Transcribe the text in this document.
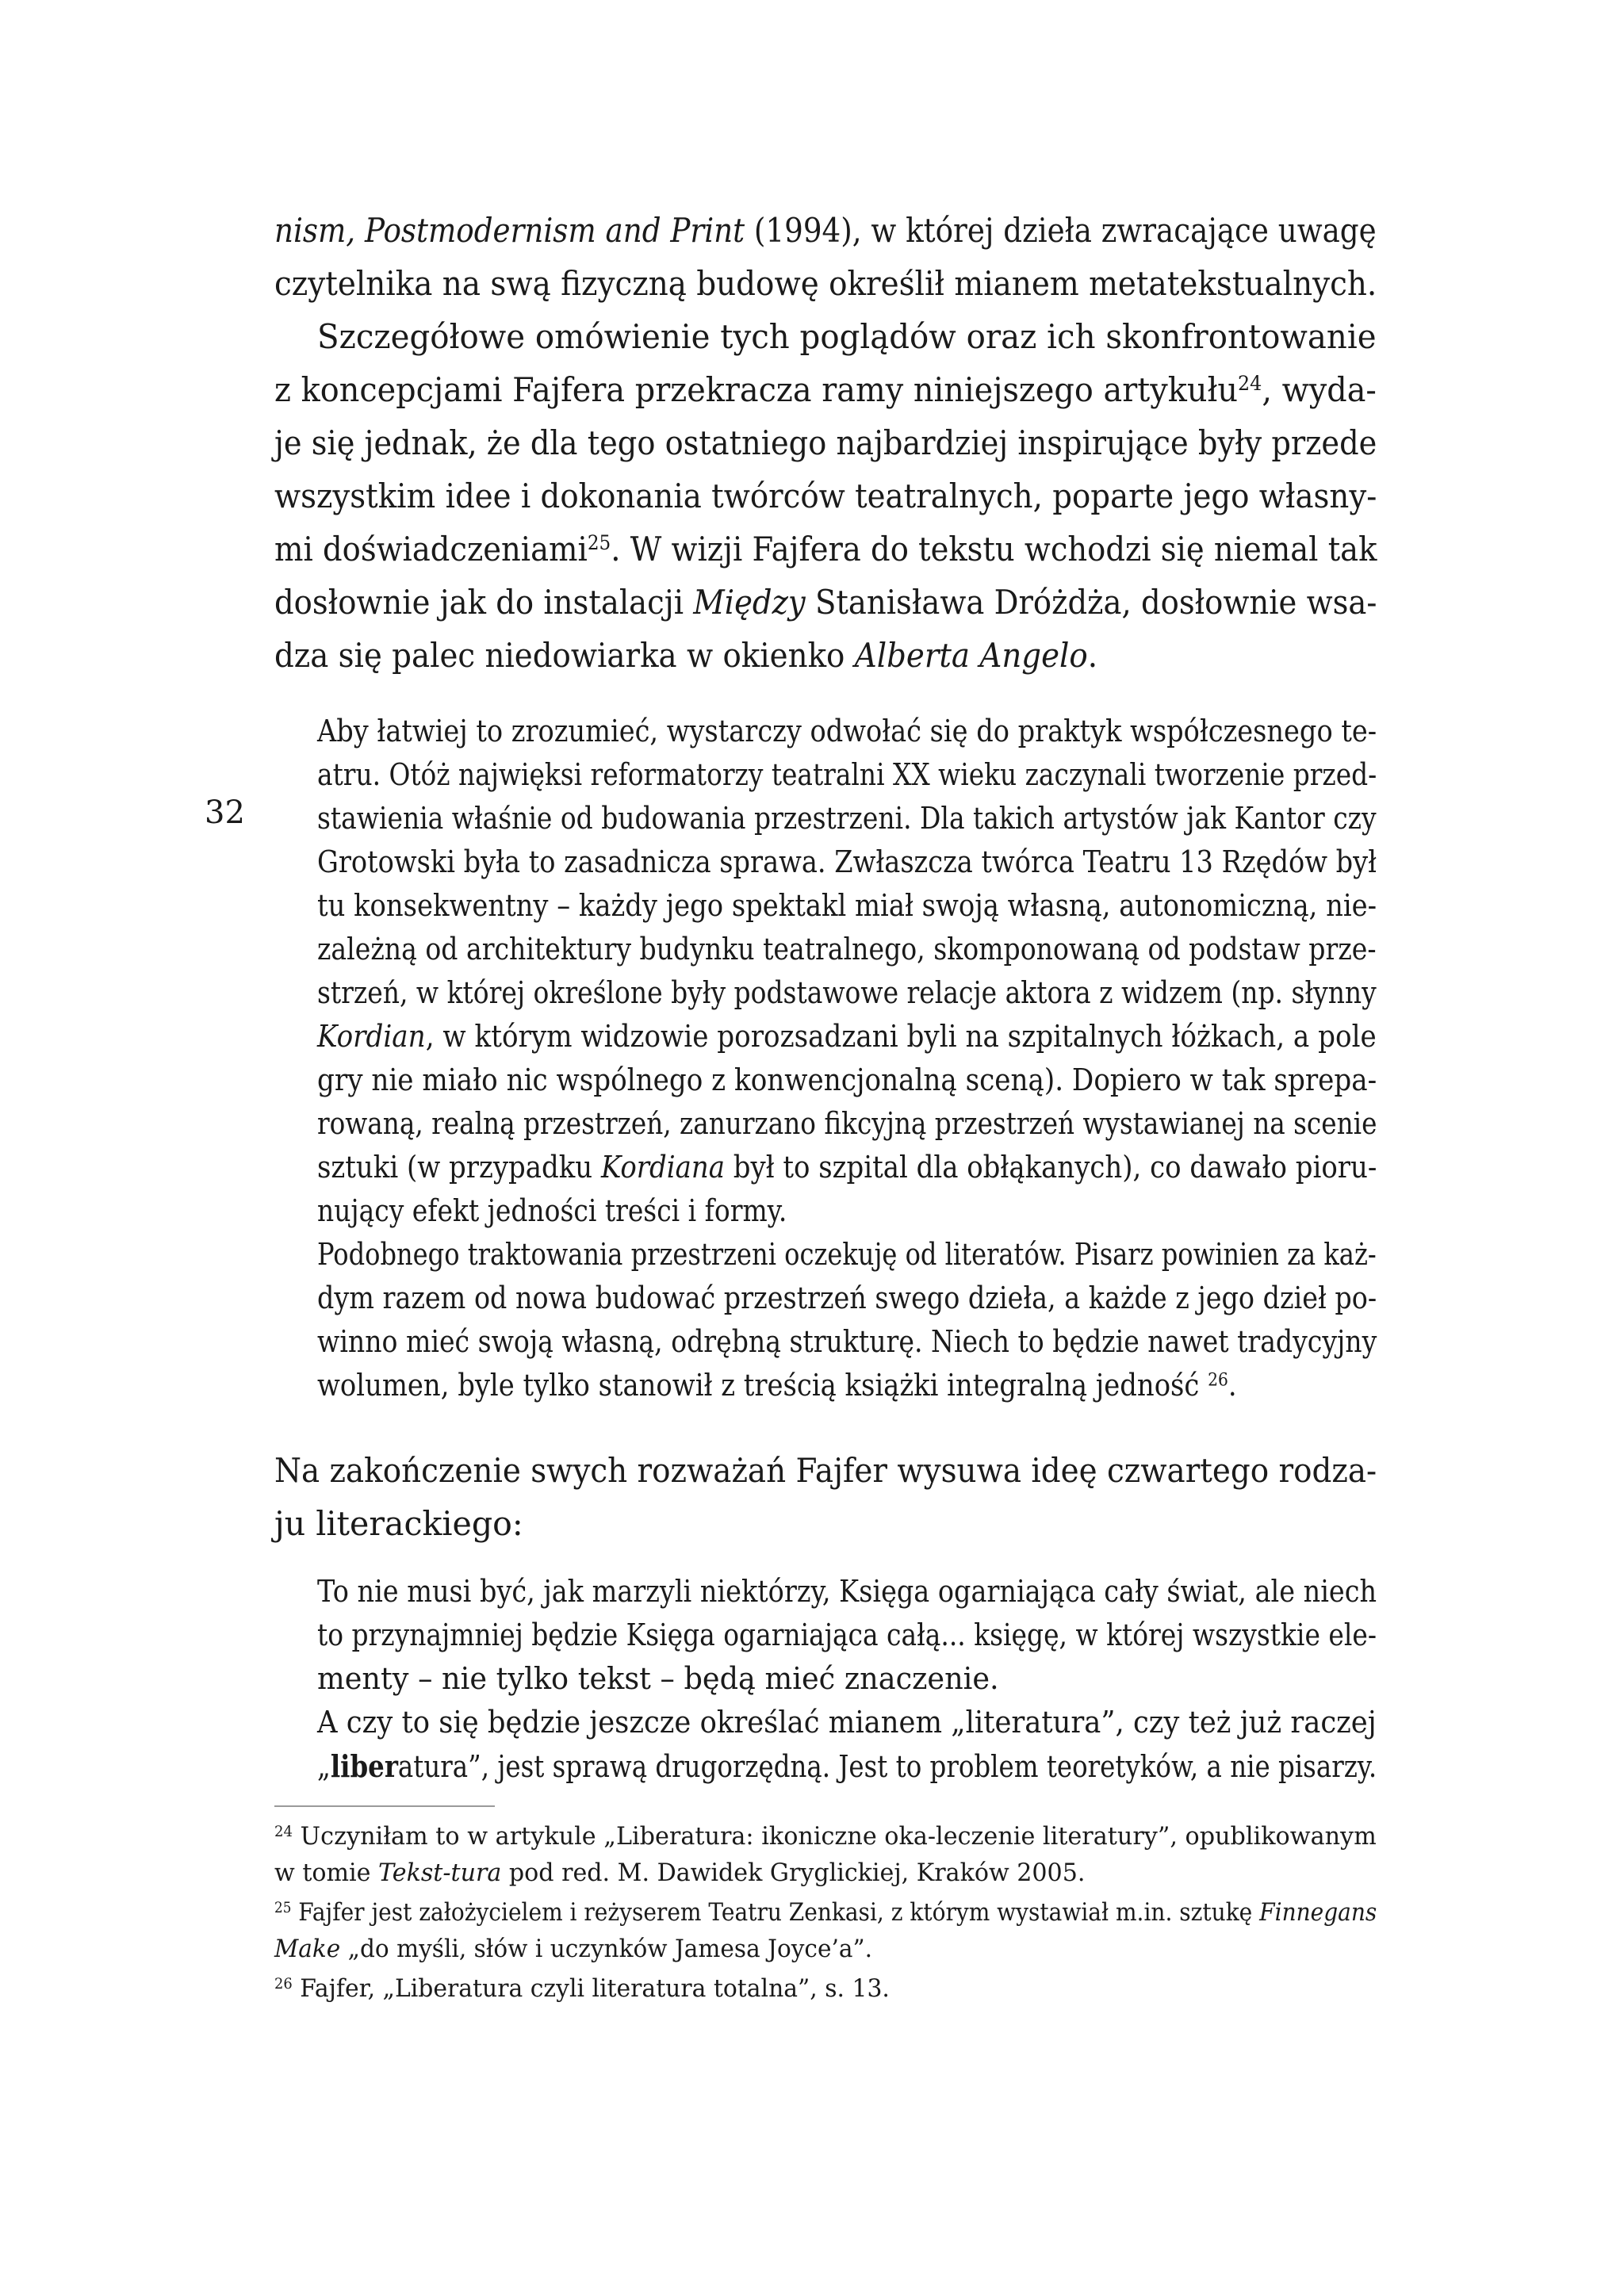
nism, Postmodernism and Print (1994), w której dzieła zwracające uwagę

czytelnika na swą fizyczną budowę określił mianem metatekstualnych.

Szczegółowe omówienie tych poglądów oraz ich skonfrontowanie

z koncepcjami Fajfera przekracza ramy niniejszego artykułu$^{24}$, wyda-

je się jednak, że dla tego ostatniego najbardziej inspirujące były przede

wszystkim idee i dokonania twórców teatralnych, poparte jego własny-

mi doświadczeniami$^{25}$. W wizji Fajfera do tekstu wchodzi się niemal tak

dosłownie jak do instalacji Między Stanisława Dróżdża, dosłownie wsa-

dza się palec niedowiarka w okienko Alberta Angelo.

32

Aby łatwiej to zrozumieć, wystarczy odwołać się do praktyk współczesnego te-

atru. Otóż najwięksi reformatorzy teatralni XX wieku zaczynali tworzenie przed-

stawienia właśnie od budowania przestrzeni. Dla takich artystów jak Kantor czy

Grotowski była to zasadnicza sprawa. Zwłaszcza twórca Teatru 13 Rzędów był

tu konsekwentny – każdy jego spektakl miał swoją własną, autonomiczną, nie-

zależną od architektury budynku teatralnego, skomponowaną od podstaw prze-

strzeń, w której określone były podstawowe relacje aktora z widzem (np. słynny

Kordian, w którym widzowie porozsadzani byli na szpitalnych łóżkach, a pole

gry nie miało nic wspólnego z konwencjonalną sceną). Dopiero w tak sprepa-

rowaną, realną przestrzeń, zanurzano fikcyjną przestrzeń wystawianej na scenie

sztuki (w przypadku Kordiana był to szpital dla obłąkanych), co dawało pioru-

nujący efekt jedności treści i formy.

Podobnego traktowania przestrzeni oczekuję od literatów. Pisarz powinien za każ-

dym razem od nowa budować przestrzeń swego dzieła, a każde z jego dzieł po-

winno mieć swoją własną, odrębną strukturę. Niech to będzie nawet tradycyjny

wolumen, byle tylko stanowił z treścią książki integralną jedność $^{26}$.

Na zakończenie swych rozważań Fajfer wysuwa ideę czwartego rodza-

ju literackiego:

To nie musi być, jak marzyli niektórzy, Księga ogarniająca cały świat, ale niech

to przynajmniej będzie Księga ogarniająca całą... księgę, w której wszystkie ele-

menty – nie tylko tekst – będą mieć znaczenie.

A czy to się będzie jeszcze określać mianem „literatura”, czy też już raczej

„liberatura”, jest sprawą drugorzędną. Jest to problem teoretyków, a nie pisarzy.

$^{24}$ Uczyniłam to w artykule „Liberatura: ikoniczne oka-leczenie literatury”, opublikowanym

w tomie Tekst-tura pod red. M. Dawidek Gryglickiej, Kraków 2005.

$^{25}$ Fajfer jest założycielem i reżyserem Teatru Zenkasi, z którym wystawiał m.in. sztukę Finnegans

Make „do myśli, słów i uczynków Jamesa Joyce’a”.

$^{26}$ Fajfer, „Liberatura czyli literatura totalna”, s. 13.
